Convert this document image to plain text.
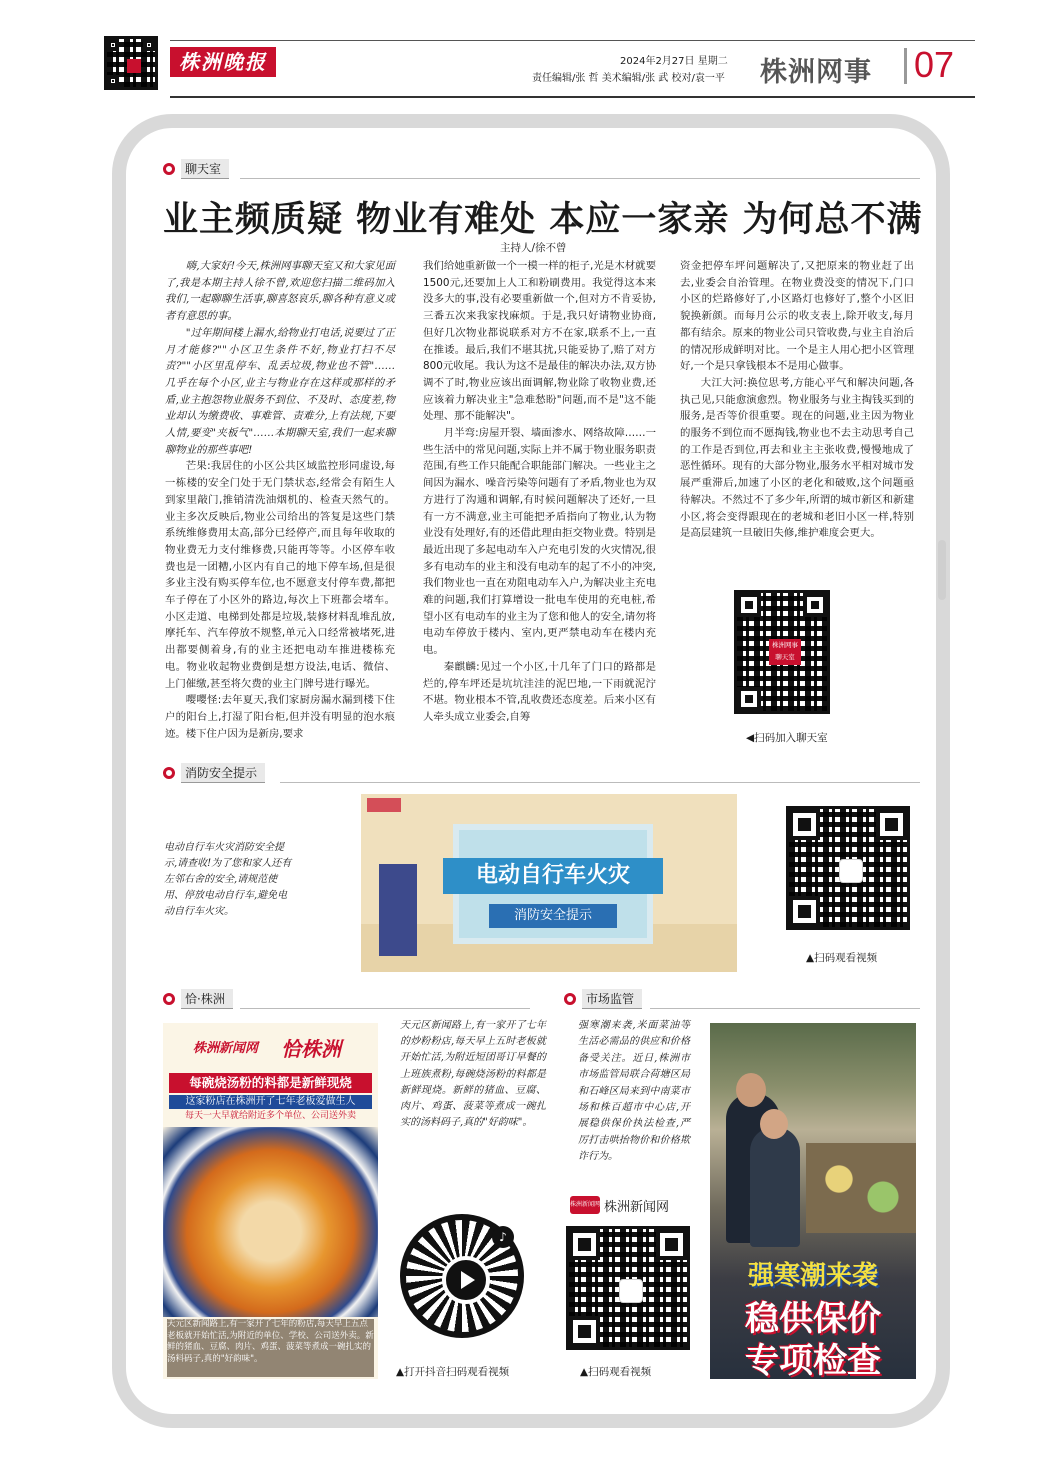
株洲晚报	2024年2月27日 星期二
责任编辑/张 哲 美术编辑/张 武 校对/袁一平 株洲网事 07
聊天室
业主频质疑 物业有难处 本应一家亲 为何总不满
主持人/徐不曾

嗨,大家好!今天,株洲网事聊天室又和大家见面了,我是本期主持人徐不曾,欢迎您扫描二维码加入我们,一起聊聊生活事,聊喜怒哀乐,聊各种有意义或者有意思的事。

"过年期间楼上漏水,给物业打电话,说要过了正月才能修?""小区卫生条件不好,物业打扫不尽责?""小区里乱停车、乱丢垃圾,物业也不管"……几乎在每个小区,业主与物业存在这样或那样的矛盾,业主抱怨物业服务不到位、不及时、态度差,物业却认为缴费收、事难管、责难分,上有法规,下要人情,要变"夹板气"……本期聊天室,我们一起来聊聊物业的那些事吧!

芒果:我居住的小区公共区域监控形同虚设,每一栋楼的安全门处于无门禁状态,经常会有陌生人到家里敲门,推销清洗油烟机的、检查天然气的。业主多次反映后,物业公司给出的答复是这些门禁系统维修费用太高,部分已经停产,而且每年收取的物业费无力支付维修费,只能再等等。小区停车收费也是一团糟,小区内有自己的地下停车场,但是很多业主没有购买停车位,也不愿意支付停车费,都把车子停在了小区外的路边,每次上下班都会堵车。小区走道、电梯到处都是垃圾,装修材料乱堆乱放,摩托车、汽车停放不规整,单元入口经常被堵死,进出都要侧着身,有的业主还把电动车推进楼栋充电。物业收起物业费倒是想方设法,电话、微信、上门催缴,甚至将欠费的业主门牌号进行曝光。

嘤嘤怪:去年夏天,我们家厨房漏水漏到楼下住户的阳台上,打湿了阳台柜,但并没有明显的泡水痕迹。楼下住户因为是新房,要求

我们给她重新做一个一模一样的柜子,光是木材就要1500元,还要加上人工和粉刷费用。我觉得这本来没多大的事,没有必要重新做一个,但对方不肯妥协,三番五次来我家找麻烦。于是,我只好请物业协商,但好几次物业都说联系对方不在家,联系不上,一直在推诿。最后,我们不堪其扰,只能妥协了,赔了对方800元收尾。我认为这不是最佳的解决办法,双方协调不了时,物业应该出面调解,物业除了收物业费,还应该着力解决业主"急难愁盼"问题,而不是"这不能处理、那不能解决"。

月半弯:房屋开裂、墙面渗水、网络故障……一些生活中的常见问题,实际上并不属于物业服务职责范围,有些工作只能配合职能部门解决。一些业主之间因为漏水、噪音污染等问题有了矛盾,物业也为双方进行了沟通和调解,有时候问题解决了还好,一旦有一方不满意,业主可能把矛盾指向了物业,认为物业没有处理好,有的还借此理由拒交物业费。特别是最近出现了多起电动车入户充电引发的火灾情况,很多有电动车的业主和没有电动车的起了不小的冲突,我们物业也一直在劝阻电动车入户,为解决业主充电难的问题,我们打算增设一批电车使用的充电桩,希望小区有电动车的业主为了您和他人的安全,请勿将电动车停放于楼内、室内,更严禁电动车在楼内充电。

秦麒麟:见过一个小区,十几年了门口的路都是烂的,停车坪还是坑坑洼洼的泥巴地,一下雨就泥泞不堪。物业根本不管,乱收费还态度差。后来小区有人牵头成立业委会,自筹

资金把停车坪问题解决了,又把原来的物业赶了出去,业委会自治管理。在物业费没变的情况下,门口小区的烂路修好了,小区路灯也修好了,整个小区旧貌换新颜。而每月公示的收支表上,除开收支,每月都有结余。原来的物业公司只管收费,与业主自治后的情况形成鲜明对比。一个是主人用心把小区管理好,一个是只拿钱根本不是用心做事。

大江大河:换位思考,方能心平气和解决问题,各执己见,只能愈演愈烈。物业服务与业主掏钱买到的服务,是否等价很重要。现在的问题,业主因为物业的服务不到位而不愿掏钱,物业也不去主动思考自己的工作是否到位,再去和业主主张收费,慢慢地成了恶性循环。现有的大部分物业,服务水平相对城市发展严重滞后,加速了小区的老化和破败,这个问题亟待解决。不然过不了多少年,所谓的城市新区和新建小区,将会变得跟现在的老城和老旧小区一样,特别是高层建筑一旦破旧失修,维护难度会更大。

株洲网事 聊天室
◀扫码加入聊天室
消防安全提示
电动自行车火灾消防安全提示,请查收!为了您和家人还有左邻右舍的安全,请规范使用、停放电动自行车,避免电动自行车火灾。
电动自行车火灾
消防安全提示
▲扫码观看视频
恰·株洲
株洲新闻网 恰株洲
每碗烧汤粉的料都是新鲜现烧
这家粉店在株洲开了七年老板爱做生人
每天一大早就给附近多个单位、公司送外卖
天元区新闻路上,有一家开了七年的粉店,每天早上五点老板就开始忙活,为附近的单位、学校、公司送外卖。新鲜的猪血、豆腐、肉片、鸡蛋、菠菜等煮成一碗扎实的汤料码子,真的"好韵味"。
天元区新闻路上,有一家开了七年的炒粉粉店,每天早上五时老板就开始忙活,为附近短团哥订早餐的上班族煮粉,每碗烧汤粉的料都是新鲜现烧。新鲜的猪血、豆腐、肉片、鸡蛋、菠菜等煮成一碗扎实的汤料码子,真的"好韵味"。
♪
▲打开抖音扫码观看视频
市场监管
强寒潮来袭,米面菜油等生活必需品的供应和价格备受关注。近日,株洲市市场监管局联合荷塘区局和石峰区局来到中南菜市场和株百超市中心店,开展稳供保价执法检查,严厉打击哄抬物价和价格欺诈行为。
株洲新闻网 株洲新闻网
▲扫码观看视频
强寒潮来袭
稳供保价
专项检查
